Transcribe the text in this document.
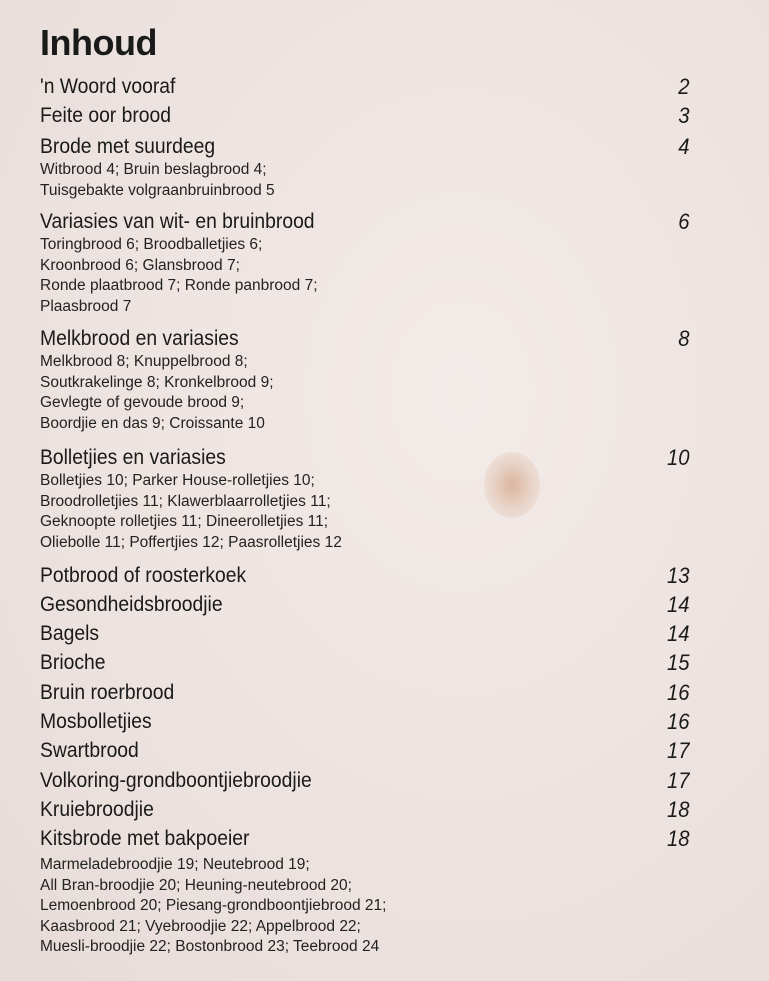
Inhoud
'n Woord vooraf	2
Feite oor brood	3
Brode met suurdeeg	4
Witbrood 4; Bruin beslagbrood 4;
Tuisgebakte volgraanbruinbrood 5
Variasies van wit- en bruinbrood	6
Toringbrood 6; Broodballetjies 6;
Kroonbrood 6; Glansbrood 7;
Ronde plaatbrood 7; Ronde panbrood 7;
Plaasbrood 7
Melkbrood en variasies	8
Melkbrood 8; Knuppelbrood 8;
Soutkrakelinge 8; Kronkelbrood 9;
Gevlegte of gevoude brood 9;
Boordjie en das 9; Croissante 10
Bolletjies en variasies	10
Bolletjies 10; Parker House-rolletjies 10;
Broodrolletjies 11; Klawerblaarrolletjies 11;
Geknoopte rolletjies 11; Dineerolletjies 11;
Oliebolle 11; Poffertjies 12; Paasrolletjies 12
Potbrood of roosterkoek	13
Gesondheidsbroodjie	14
Bagels	14
Brioche	15
Bruin roerbrood	16
Mosbolletjies	16
Swartbrood	17
Volkoring-grondboontjiebroodjie	17
Kruiebroodjie	18
Kitsbrode met bakpoeier	18
Marmeladebroodjie 19; Neutebrood 19;
All Bran-broodjie 20; Heuning-neutebrood 20;
Lemoenbrood 20; Piesang-grondboontjiebrood 21;
Kaasbrood 21; Vyebroodjie 22; Appelbrood 22;
Muesli-broodjie 22; Bostonbrood 23; Teebrood 24
